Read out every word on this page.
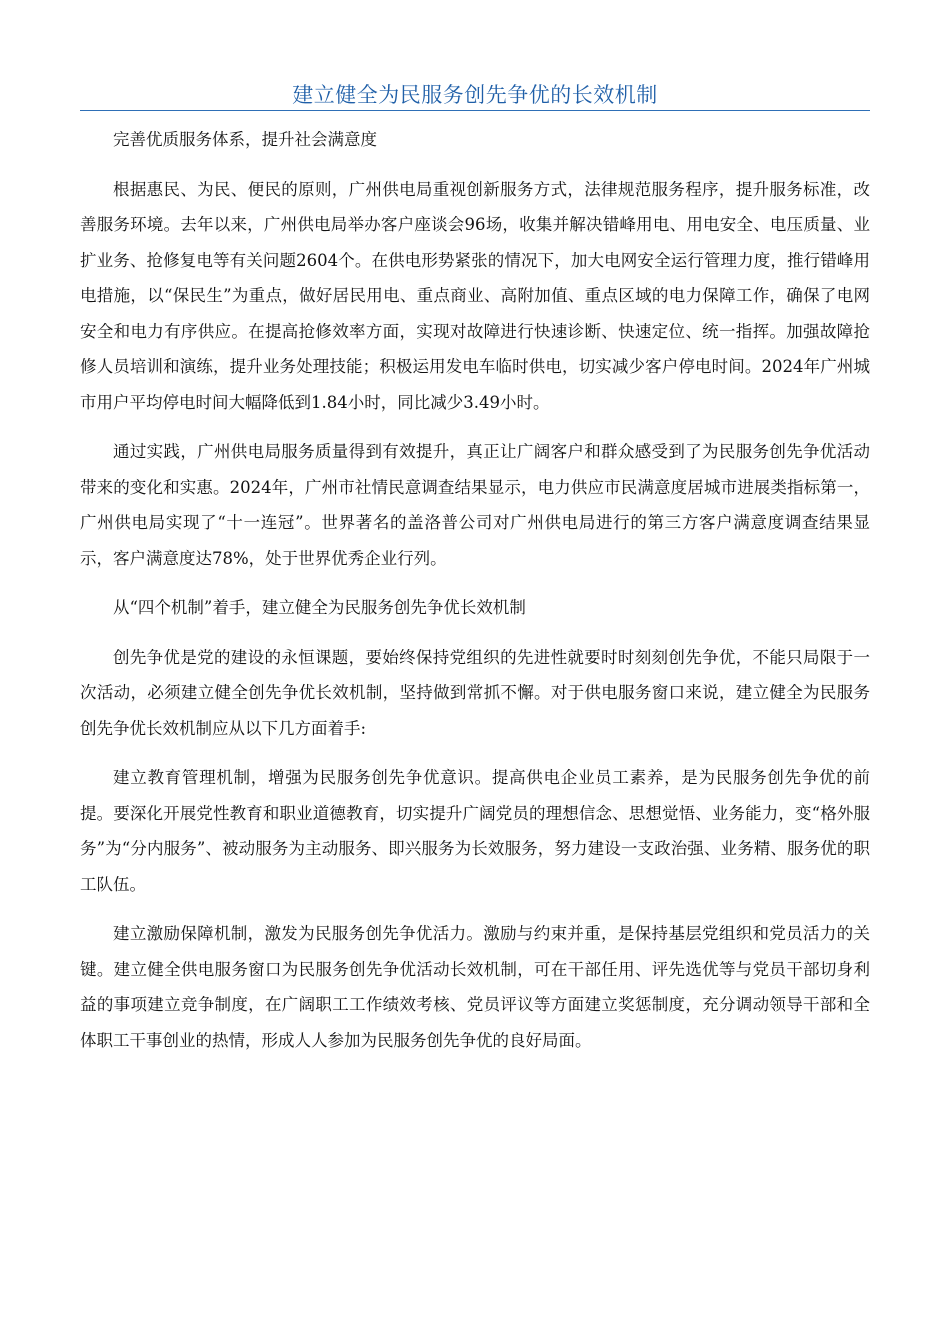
建立健全为民服务创先争优的长效机制

完善优质服务体系，提升社会满意度

根据惠民、为民、便民的原则，广州供电局重视创新服务方式，法律规范服务程序，提升服务标准，改善服务环境。去年以来，广州供电局举办客户座谈会96场，收集并解决错峰用电、用电安全、电压质量、业扩业务、抢修复电等有关问题2604个。在供电形势紧张的情况下，加大电网安全运行管理力度，推行错峰用电措施，以“保民生”为重点，做好居民用电、重点商业、高附加值、重点区域的电力保障工作，确保了电网安全和电力有序供应。在提高抢修效率方面，实现对故障进行快速诊断、快速定位、统一指挥。加强故障抢修人员培训和演练，提升业务处理技能；积极运用发电车临时供电，切实减少客户停电时间。2024年广州城市用户平均停电时间大幅降低到1.84小时，同比减少3.49小时。

通过实践，广州供电局服务质量得到有效提升，真正让广阔客户和群众感受到了为民服务创先争优活动带来的变化和实惠。2024年，广州市社情民意调查结果显示，电力供应市民满意度居城市进展类指标第一，广州供电局实现了“十一连冠”。世界著名的盖洛普公司对广州供电局进行的第三方客户满意度调查结果显示，客户满意度达78%，处于世界优秀企业行列。

从“四个机制”着手，建立健全为民服务创先争优长效机制

创先争优是党的建设的永恒课题，要始终保持党组织的先进性就要时时刻刻创先争优，不能只局限于一次活动，必须建立健全创先争优长效机制，坚持做到常抓不懈。对于供电服务窗口来说，建立健全为民服务创先争优长效机制应从以下几方面着手:

建立教育管理机制，增强为民服务创先争优意识。提高供电企业员工素养，是为民服务创先争优的前提。要深化开展党性教育和职业道德教育，切实提升广阔党员的理想信念、思想觉悟、业务能力，变“格外服务”为“分内服务”、被动服务为主动服务、即兴服务为长效服务，努力建设一支政治强、业务精、服务优的职工队伍。

建立激励保障机制，激发为民服务创先争优活力。激励与约束并重，是保持基层党组织和党员活力的关键。建立健全供电服务窗口为民服务创先争优活动长效机制，可在干部任用、评先选优等与党员干部切身利益的事项建立竞争制度，在广阔职工工作绩效考核、党员评议等方面建立奖惩制度，充分调动领导干部和全体职工干事创业的热情，形成人人参加为民服务创先争优的良好局面。
